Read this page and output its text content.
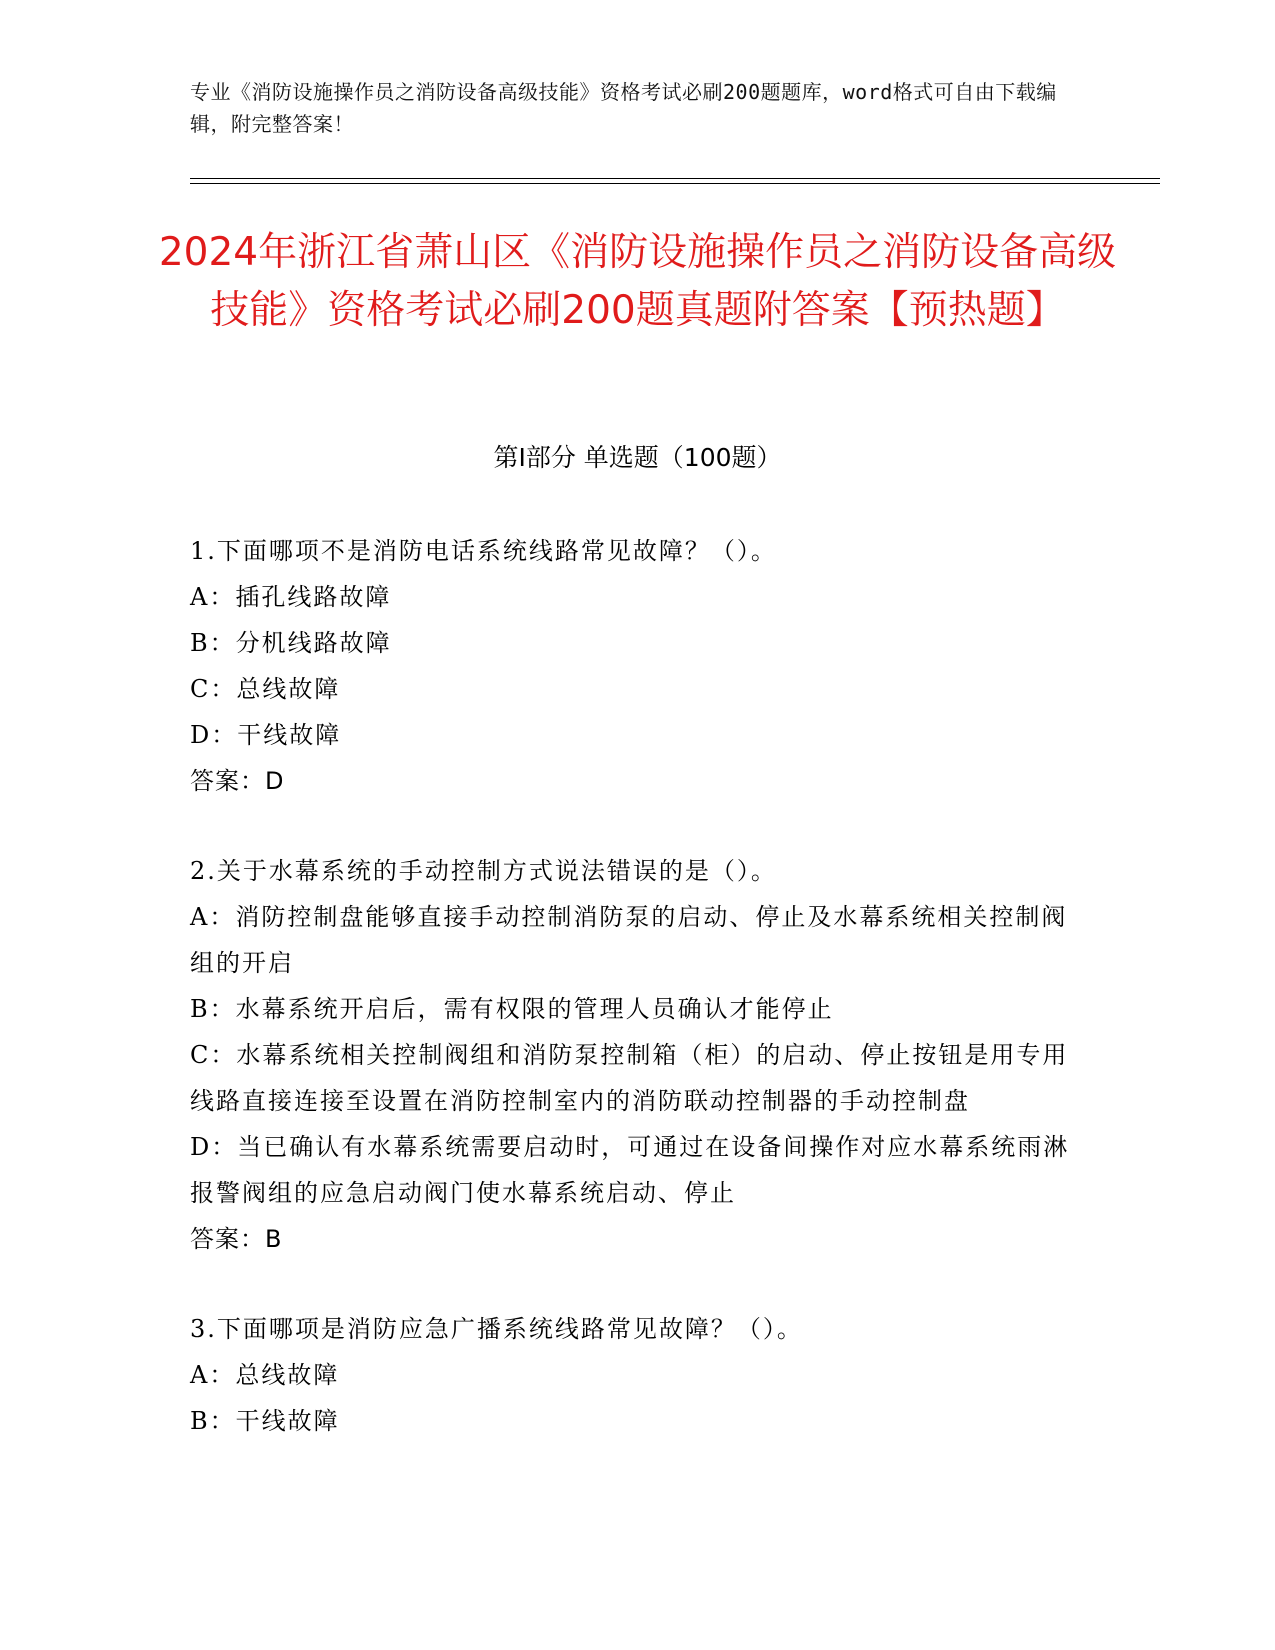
专业《消防设施操作员之消防设备高级技能》资格考试必刷200题题库，word格式可自由下载编辑，附完整答案！
2024年浙江省萧山区《消防设施操作员之消防设备高级技能》资格考试必刷200题真题附答案【预热题】
第Ⅰ部分 单选题（100题）

1.下面哪项不是消防电话系统线路常见故障？（）。

A：插孔线路故障

B：分机线路故障

C：总线故障

D：干线故障

答案：D

2.关于水幕系统的手动控制方式说法错误的是（）。

A：消防控制盘能够直接手动控制消防泵的启动、停止及水幕系统相关控制阀组的开启

B：水幕系统开启后，需有权限的管理人员确认才能停止

C：水幕系统相关控制阀组和消防泵控制箱（柜）的启动、停止按钮是用专用线路直接连接至设置在消防控制室内的消防联动控制器的手动控制盘

D：当已确认有水幕系统需要启动时，可通过在设备间操作对应水幕系统雨淋报警阀组的应急启动阀门使水幕系统启动、停止

答案：B

3.下面哪项是消防应急广播系统线路常见故障？（）。

A：总线故障

B：干线故障
